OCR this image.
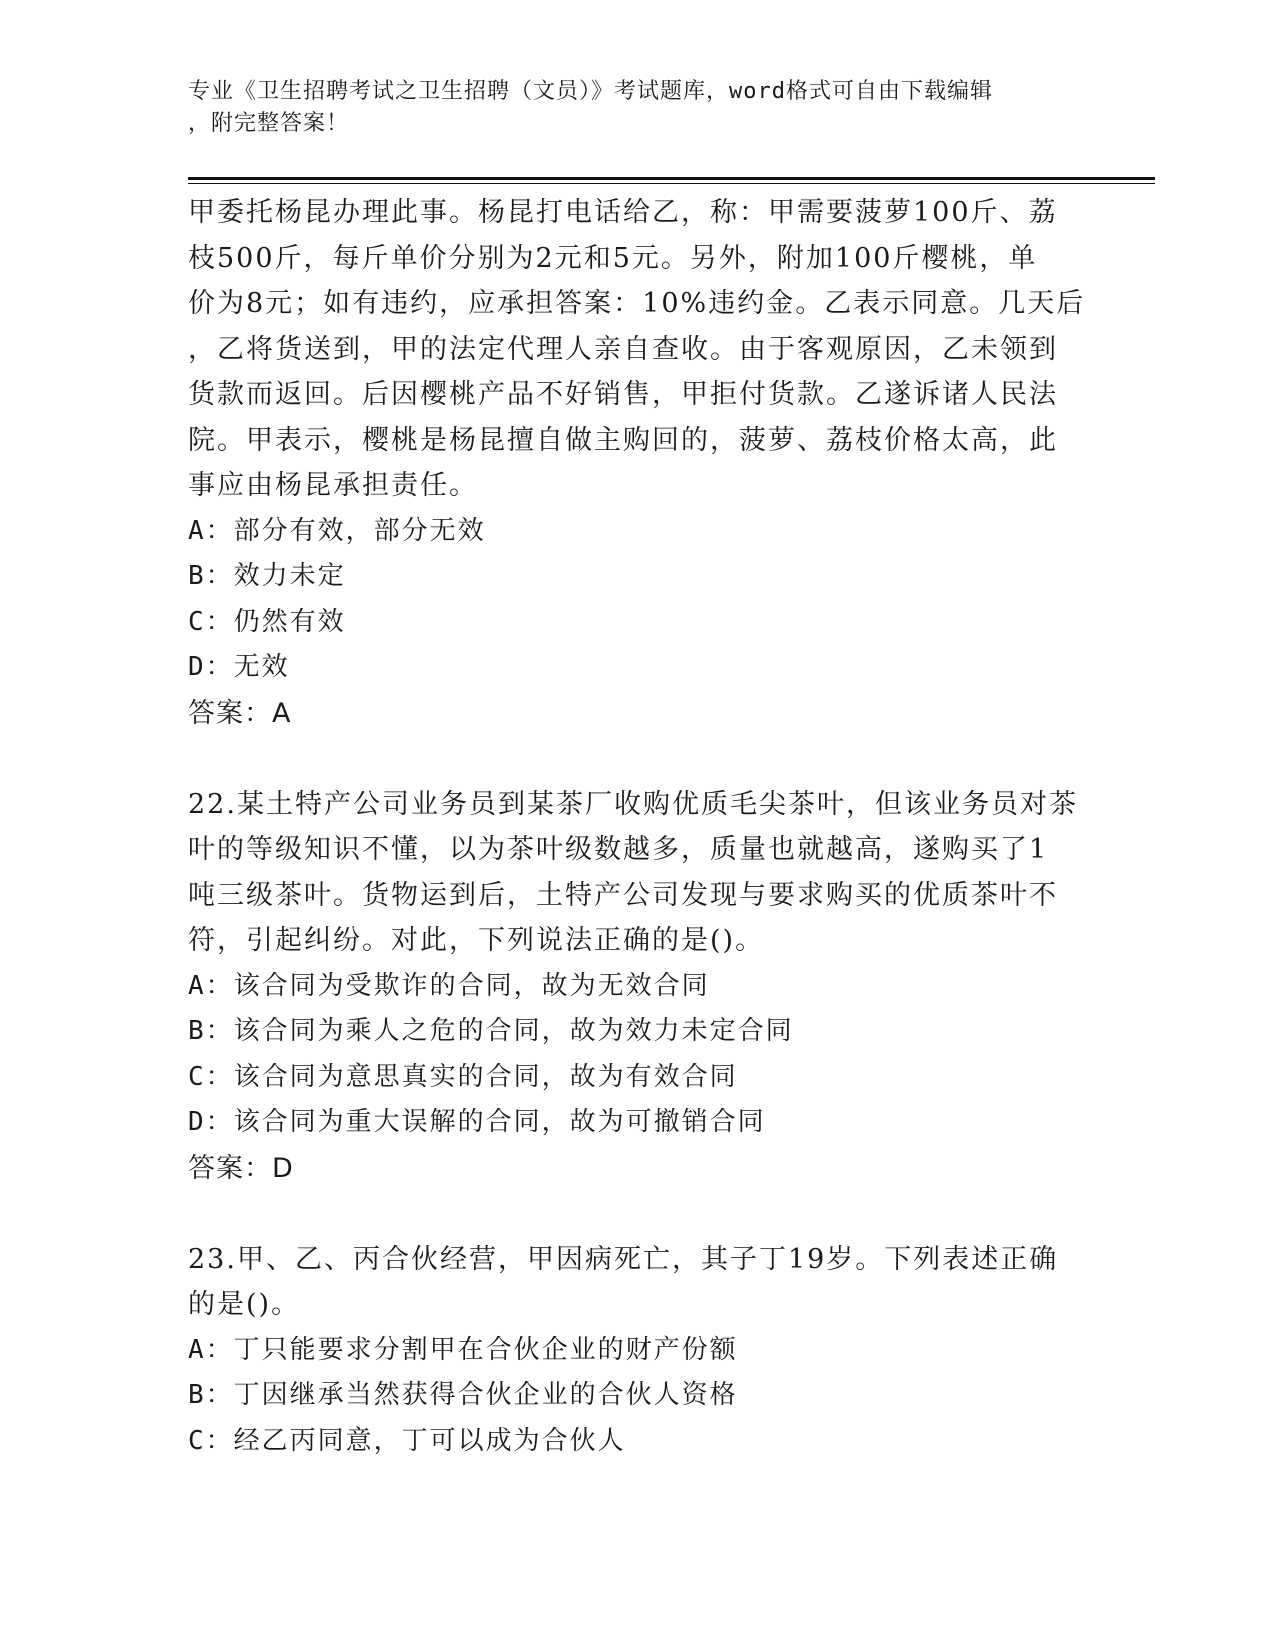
专业《卫生招聘考试之卫生招聘（文员）》考试题库，word格式可自由下载编辑
，附完整答案！
甲委托杨昆办理此事。杨昆打电话给乙，称：甲需要菠萝100斤、荔
枝500斤，每斤单价分别为2元和5元。另外，附加100斤樱桃，单
价为8元；如有违约，应承担答案：10%违约金。乙表示同意。几天后
，乙将货送到，甲的法定代理人亲自查收。由于客观原因，乙未领到
货款而返回。后因樱桃产品不好销售，甲拒付货款。乙遂诉诸人民法
院。甲表示，樱桃是杨昆擅自做主购回的，菠萝、荔枝价格太高，此
事应由杨昆承担责任。
A：部分有效，部分无效
B：效力未定
C：仍然有效
D：无效
答案：A
22.某土特产公司业务员到某茶厂收购优质毛尖茶叶，但该业务员对茶
叶的等级知识不懂，以为茶叶级数越多，质量也就越高，遂购买了1
吨三级茶叶。货物运到后，土特产公司发现与要求购买的优质茶叶不
符，引起纠纷。对此，下列说法正确的是()。
A：该合同为受欺诈的合同，故为无效合同
B：该合同为乘人之危的合同，故为效力未定合同
C：该合同为意思真实的合同，故为有效合同
D：该合同为重大误解的合同，故为可撤销合同
答案：D
23.甲、乙、丙合伙经营，甲因病死亡，其子丁19岁。下列表述正确
的是()。
A：丁只能要求分割甲在合伙企业的财产份额
B：丁因继承当然获得合伙企业的合伙人资格
C：经乙丙同意，丁可以成为合伙人
